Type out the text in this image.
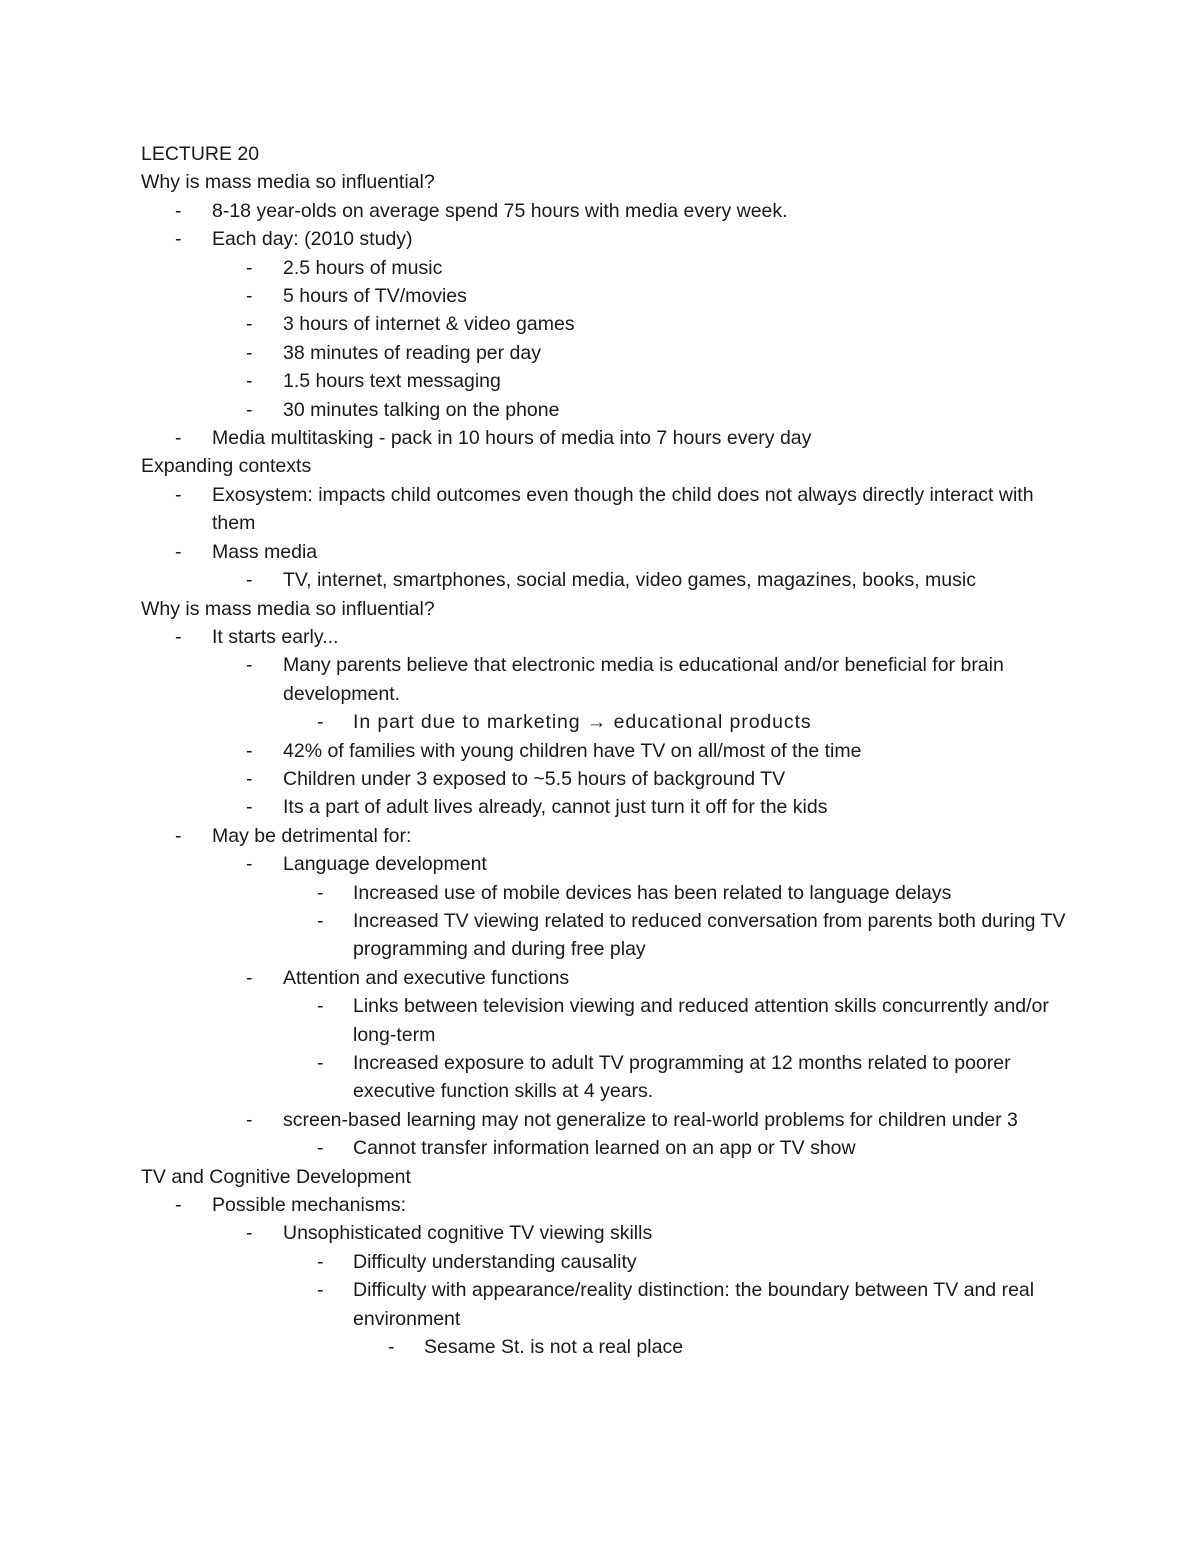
LECTURE 20
Why is mass media so influential?
- 8-18 year-olds on average spend 75 hours with media every week.
- Each day: (2010 study)
- 2.5 hours of music
- 5 hours of TV/movies
- 3 hours of internet & video games
- 38 minutes of reading per day
- 1.5 hours text messaging
- 30 minutes talking on the phone
- Media multitasking - pack in 10 hours of media into 7 hours every day
Expanding contexts
- Exosystem: impacts child outcomes even though the child does not always directly interact with them
- Mass media
- TV, internet, smartphones, social media, video games, magazines, books, music
Why is mass media so influential?
- It starts early...
- Many parents believe that electronic media is educational and/or beneficial for brain development.
- In part due to marketing → educational products
- 42% of families with young children have TV on all/most of the time
- Children under 3 exposed to ~5.5 hours of background TV
- Its a part of adult lives already, cannot just turn it off for the kids
- May be detrimental for:
- Language development
- Increased use of mobile devices has been related to language delays
- Increased TV viewing related to reduced conversation from parents both during TV programming and during free play
- Attention and executive functions
- Links between television viewing and reduced attention skills concurrently and/or long-term
- Increased exposure to adult TV programming at 12 months related to poorer executive function skills at 4 years.
- screen-based learning may not generalize to real-world problems for children under 3
- Cannot transfer information learned on an app or TV show
TV and Cognitive Development
- Possible mechanisms:
- Unsophisticated cognitive TV viewing skills
- Difficulty understanding causality
- Difficulty with appearance/reality distinction: the boundary between TV and real environment
- Sesame St. is not a real place
